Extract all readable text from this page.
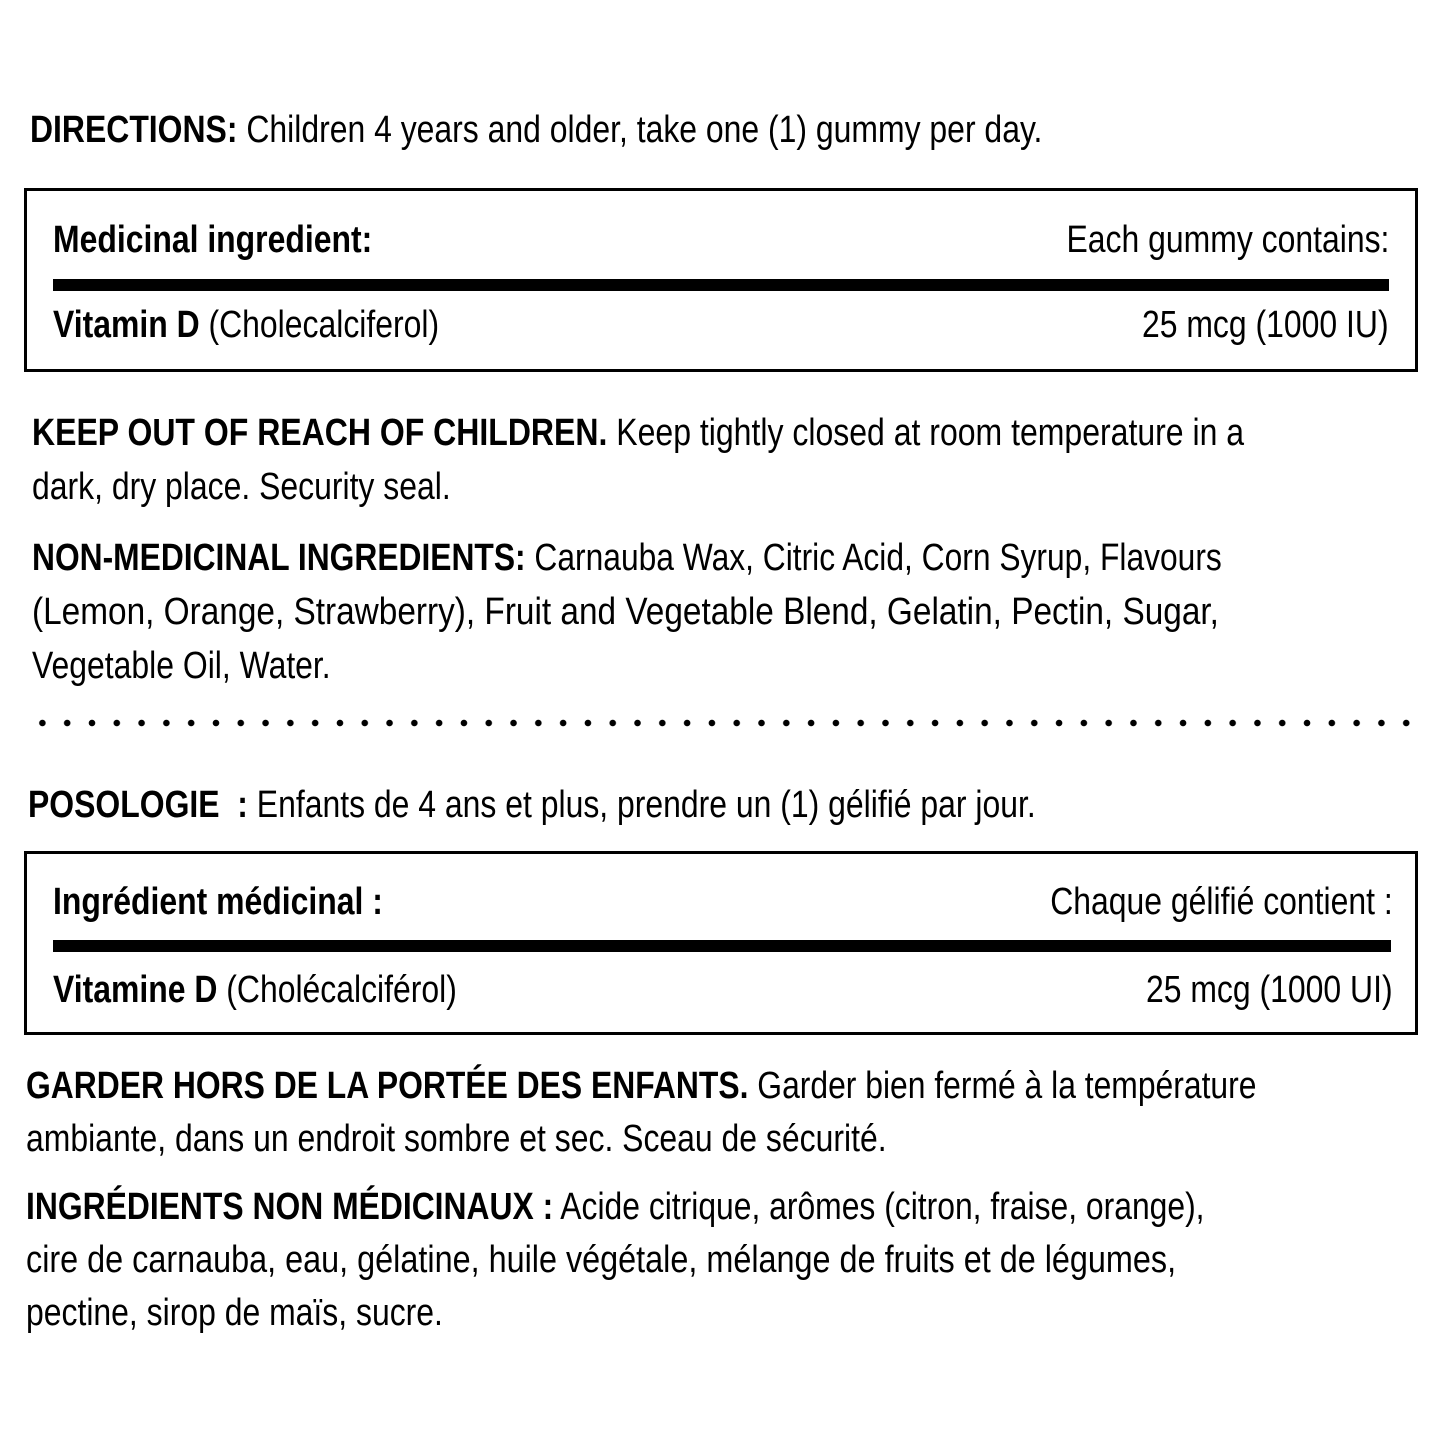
DIRECTIONS: Children 4 years and older, take one (1) gummy per day.
Medicinal ingredient:	Each gummy contains:
Vitamin D (Cholecalciferol)	25 mcg (1000 IU)
KEEP OUT OF REACH OF CHILDREN. Keep tightly closed at room temperature in a
dark, dry place. Security seal.
NON-MEDICINAL INGREDIENTS: Carnauba Wax, Citric Acid, Corn Syrup, Flavours
(Lemon, Orange, Strawberry), Fruit and Vegetable Blend, Gelatin, Pectin, Sugar,
Vegetable Oil, Water.
POSOLOGIE  : Enfants de 4 ans et plus, prendre un (1) gélifié par jour.
Ingrédient médicinal :	Chaque gélifié contient :
Vitamine D (Cholécalciférol)	25 mcg (1000 UI)
GARDER HORS DE LA PORTÉE DES ENFANTS. Garder bien fermé à la température
ambiante, dans un endroit sombre et sec. Sceau de sécurité.
INGRÉDIENTS NON MÉDICINAUX : Acide citrique, arômes (citron, fraise, orange),
cire de carnauba, eau, gélatine, huile végétale, mélange de fruits et de légumes,
pectine, sirop de maïs, sucre.
